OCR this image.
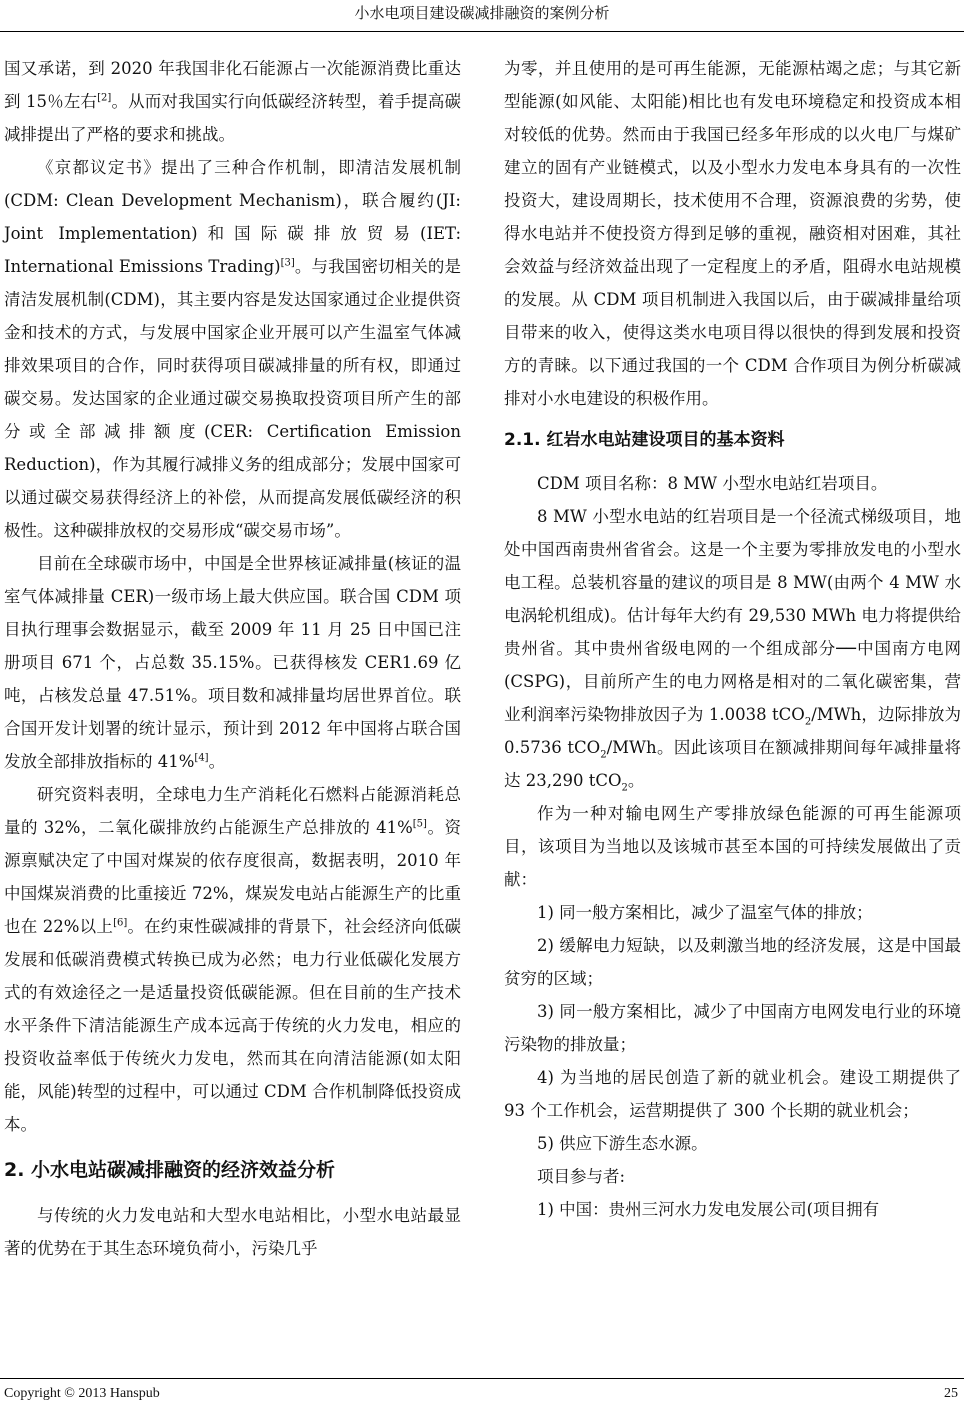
小水电项目建设碳减排融资的案例分析

国又承诺，到 2020 年我国非化石能源占一次能源消费比重达到 15％左右[2]。从而对我国实行向低碳经济转型，着手提高碳减排提出了严格的要求和挑战。

《京都议定书》提出了三种合作机制，即清洁发展机制(CDM: Clean Development Mechanism)，联合履约(JI: Joint Implementation)和国际碳排放贸易(IET: International Emissions Trading)[3]。与我国密切相关的是清洁发展机制(CDM)，其主要内容是发达国家通过企业提供资金和技术的方式，与发展中国家企业开展可以产生温室气体减排效果项目的合作，同时获得项目碳减排量的所有权，即通过碳交易。发达国家的企业通过碳交易换取投资项目所产生的部分或全部减排额度(CER: Certification Emission Reduction)，作为其履行减排义务的组成部分；发展中国家可以通过碳交易获得经济上的补偿，从而提高发展低碳经济的积极性。这种碳排放权的交易形成“碳交易市场”。

目前在全球碳市场中，中国是全世界核证减排量(核证的温室气体减排量 CER)一级市场上最大供应国。联合国 CDM 项目执行理事会数据显示，截至 2009 年 11 月 25 日中国已注册项目 671 个，占总数 35.15%。已获得核发 CER1.69 亿吨，占核发总量 47.51%。项目数和减排量均居世界首位。联合国开发计划署的统计显示，预计到 2012 年中国将占联合国发放全部排放指标的 41%[4]。

研究资料表明，全球电力生产消耗化石燃料占能源消耗总量的 32%，二氧化碳排放约占能源生产总排放的 41%[5]。资源禀赋决定了中国对煤炭的依存度很高，数据表明，2010 年中国煤炭消费的比重接近 72%，煤炭发电站占能源生产的比重也在 22%以上[6]。在约束性碳减排的背景下，社会经济向低碳发展和低碳消费模式转换已成为必然；电力行业低碳化发展方式的有效途径之一是适量投资低碳能源。但在目前的生产技术水平条件下清洁能源生产成本远高于传统的火力发电，相应的投资收益率低于传统火力发电，然而其在向清洁能源(如太阳能，风能)转型的过程中，可以通过 CDM 合作机制降低投资成本。

2. 小水电站碳减排融资的经济效益分析

与传统的火力发电站和大型水电站相比，小型水电站最显著的优势在于其生态环境负荷小，污染几乎

为零，并且使用的是可再生能源，无能源枯竭之虑；与其它新型能源(如风能、太阳能)相比也有发电环境稳定和投资成本相对较低的优势。然而由于我国已经多年形成的以火电厂与煤矿建立的固有产业链模式，以及小型水力发电本身具有的一次性投资大，建设周期长，技术使用不合理，资源浪费的劣势，使得水电站并不使投资方得到足够的重视，融资相对困难，其社会效益与经济效益出现了一定程度上的矛盾，阻碍水电站规模的发展。从 CDM 项目机制进入我国以后，由于碳减排量给项目带来的收入，使得这类水电项目得以很快的得到发展和投资方的青睐。以下通过我国的一个 CDM 合作项目为例分析碳减排对小水电建设的积极作用。

2.1. 红岩水电站建设项目的基本资料

CDM 项目名称：8 MW 小型水电站红岩项目。

8 MW 小型水电站的红岩项目是一个径流式梯级项目，地处中国西南贵州省省会。这是一个主要为零排放发电的小型水电工程。总装机容量的建议的项目是 8 MW(由两个 4 MW 水电涡轮机组成)。估计每年大约有 29,530 MWh 电力将提供给贵州省。其中贵州省级电网的一个组成部分──中国南方电网(CSPG)，目前所产生的电力网格是相对的二氧化碳密集，营业利润率污染物排放因子为 1.0038 tCO$_2$/MWh，边际排放为 0.5736 tCO$_2$/MWh。因此该项目在额减排期间每年减排量将达 23,290 tCO$_2$。

作为一种对输电网生产零排放绿色能源的可再生能源项目，该项目为当地以及该城市甚至本国的可持续发展做出了贡献：

1) 同一般方案相比，减少了温室气体的排放；

2) 缓解电力短缺，以及刺激当地的经济发展，这是中国最贫穷的区域；

3) 同一般方案相比，减少了中国南方电网发电行业的环境污染物的排放量；

4) 为当地的居民创造了新的就业机会。建设工期提供了 93 个工作机会，运营期提供了 300 个长期的就业机会；

5) 供应下游生态水源。

项目参与者:

1) 中国：贵州三河水力发电发展公司(项目拥有

Copyright © 2013 Hanspub	25
